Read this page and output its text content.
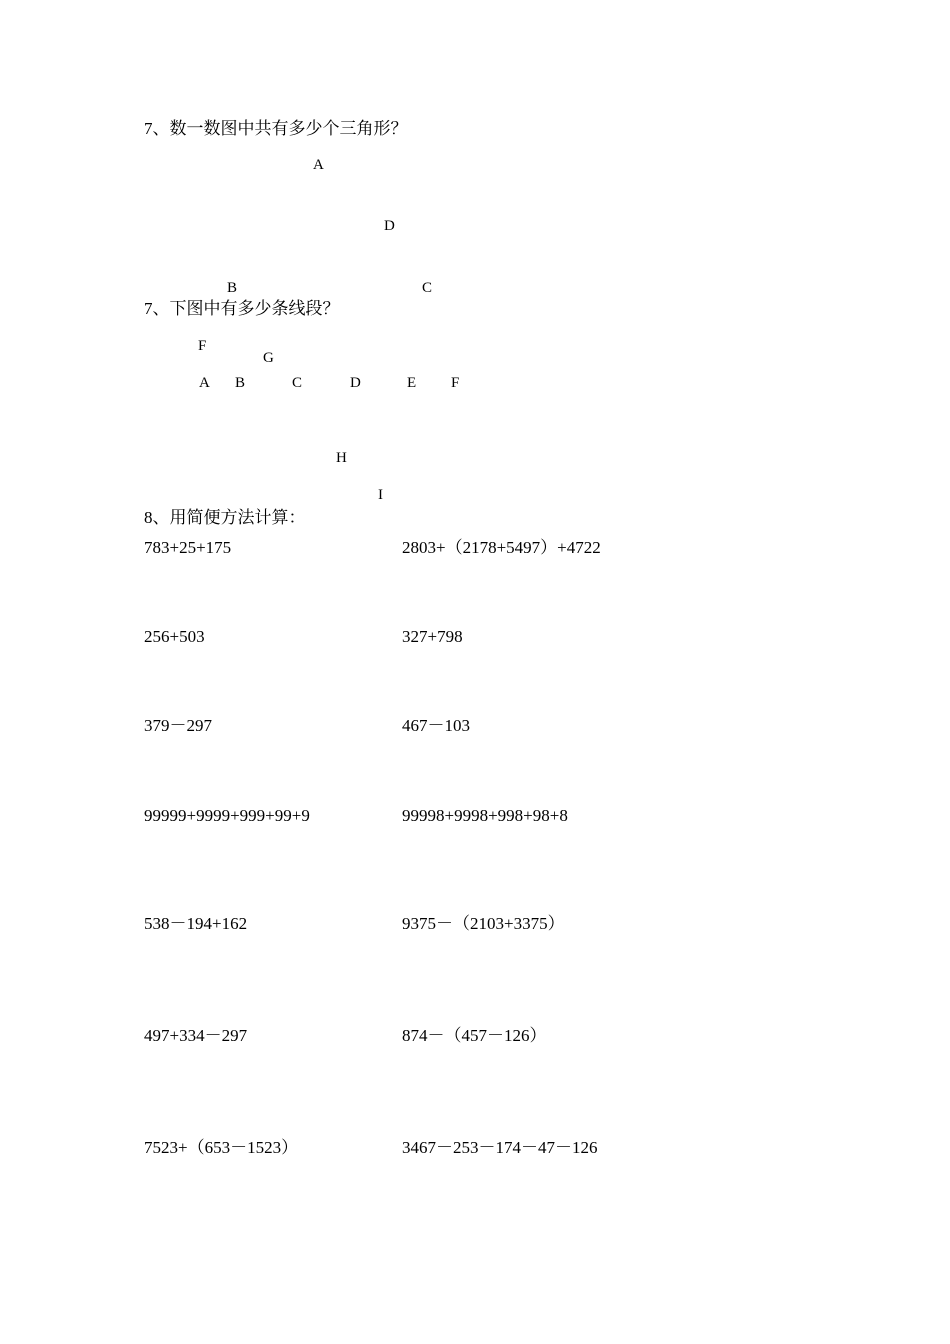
7、数一数图中共有多少个三角形？
A
D
B	C
7、下图中有多少条线段？
F
G
A B	C	D	E F
H
I
8、用简便方法计算：
783+25+175	2803+（2178+5497）+4722
256+503	327+798
379－297	467－103
99999+9999+999+99+9	99998+9998+998+98+8
538－194+162	9375－（2103+3375）
497+334－297	874－（457－126）
7523+（653－1523）	3467－253－174－47－126
